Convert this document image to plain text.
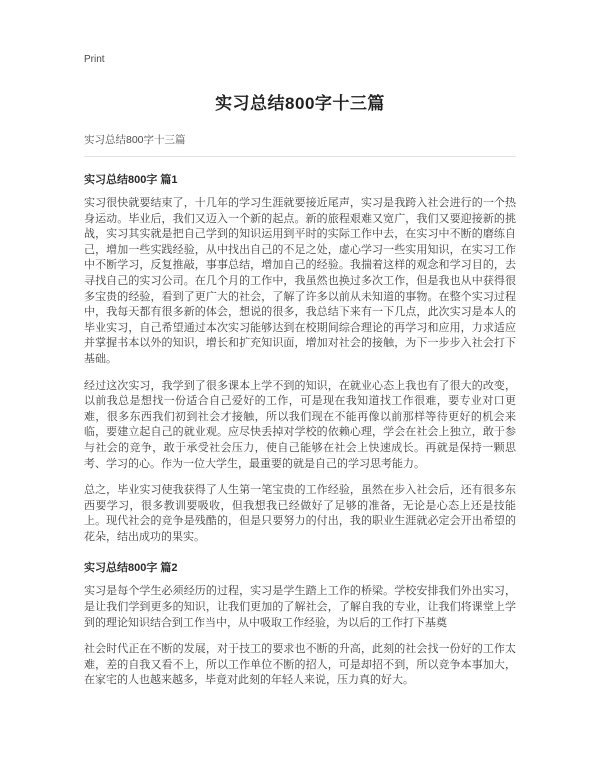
Print
实习总结800字十三篇
实习总结800字十三篇
实习总结800字 篇1

实习很快就要结束了，十几年的学习生涯就要接近尾声，实习是我跨入社会进行的一个热身运动。毕业后，我们又迈入一个新的起点。新的旅程艰难又宽广，我们又要迎接新的挑战，实习其实就是把自己学到的知识运用到平时的实际工作中去，在实习中不断的磨练自己，增加一些实践经验，从中找出自己的不足之处，虚心学习一些实用知识，在实习工作中不断学习，反复推敲，事事总结，增加自己的经验。我揣着这样的观念和学习目的，去寻找自己的实习公司。在几个月的工作中，我虽然也换过多次工作，但是我也从中获得很多宝贵的经验，看到了更广大的社会，了解了许多以前从未知道的事物。在整个实习过程中，我每天都有很多新的体会，想说的很多，我总结下来有一下几点，此次实习是本人的毕业实习，自己希望通过本次实习能够达到在校期间综合理论的再学习和应用，力求适应并掌握书本以外的知识，增长和扩充知识面，增加对社会的接触，为下一步步入社会打下基础。

经过这次实习，我学到了很多课本上学不到的知识，在就业心态上我也有了很大的改变，以前我总是想找一份适合自己爱好的工作，可是现在我知道找工作很难，要专业对口更难，很多东西我们初到社会才接触，所以我们现在不能再像以前那样等待更好的机会来临，要建立起自己的就业观。应尽快丢掉对学校的依赖心理，学会在社会上独立，敢于参与社会的竞争，敢于承受社会压力，使自己能够在社会上快速成长。再就是保持一颗思考、学习的心。作为一位大学生，最重要的就是自己的学习思考能力。

总之，毕业实习使我获得了人生第一笔宝贵的工作经验，虽然在步入社会后，还有很多东西要学习，很多教训要吸收，但我想我已经做好了足够的准备，无论是心态上还是技能上。现代社会的竞争是残酷的，但是只要努力的付出，我的职业生涯就必定会开出希望的花朵，结出成功的果实。

实习总结800字 篇2

实习是每个学生必须经历的过程，实习是学生踏上工作的桥梁。学校安排我们外出实习，是让我们学到更多的知识，让我们更加的了解社会，了解自我的专业，让我们将课堂上学到的理论知识结合到工作当中，从中吸取工作经验，为以后的工作打下基奠

社会时代正在不断的发展，对于技工的要求也不断的升高，此刻的社会找一份好的工作太难，差的自我又看不上，所以工作单位不断的招人，可是却招不到，所以竞争本事加大，在家宅的人也越来越多，毕竟对此刻的年轻人来说，压力真的好大。
